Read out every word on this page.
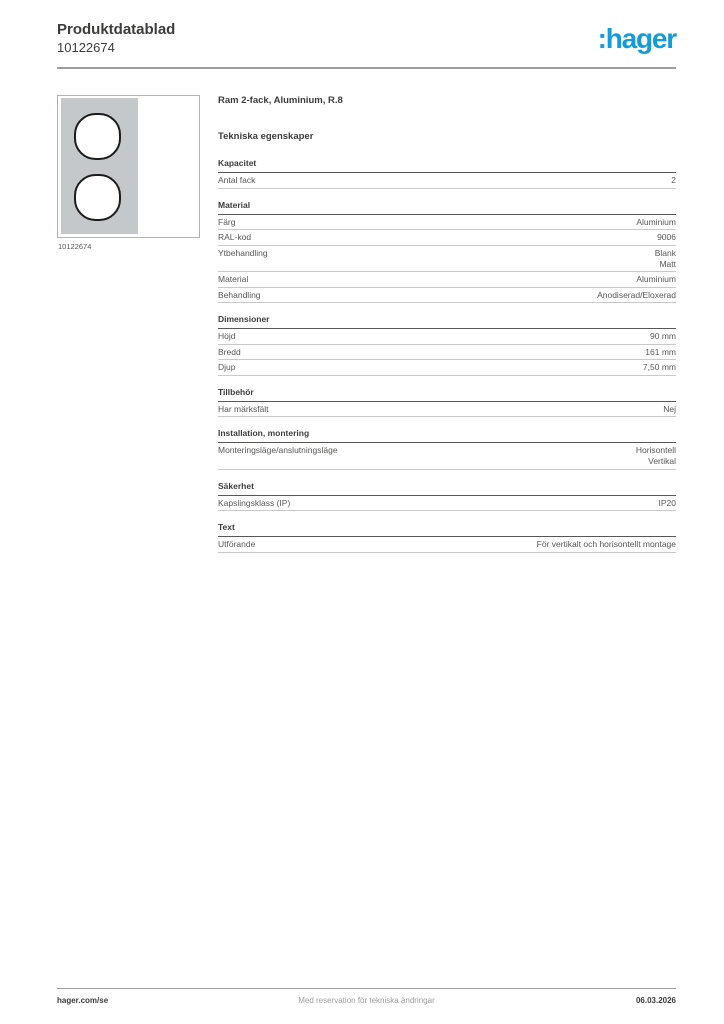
Produktdatablad
10122674	:hager
10122674
Ram 2-fack, Aluminium, R.8
Tekniska egenskaper
Kapacitet
Antal fack	2
Material
Färg	Aluminium
RAL-kod	9006
Ytbehandling	Blank
Matt
Material	Aluminium
Behandling	Anodiserad/Eloxerad
Dimensioner
Höjd	90 mm
Bredd	161 mm
Djup	7,50 mm
Tillbehör
Har märksfält	Nej
Installation, montering
Monteringsläge/anslutningsläge	Horisontell
Vertikal
Säkerhet
Kapslingsklass (IP)	IP20
Text
Utförande	För vertikalt och horisontellt montage
hager.com/se	Med reservation för tekniska ändringar	06.03.2026
